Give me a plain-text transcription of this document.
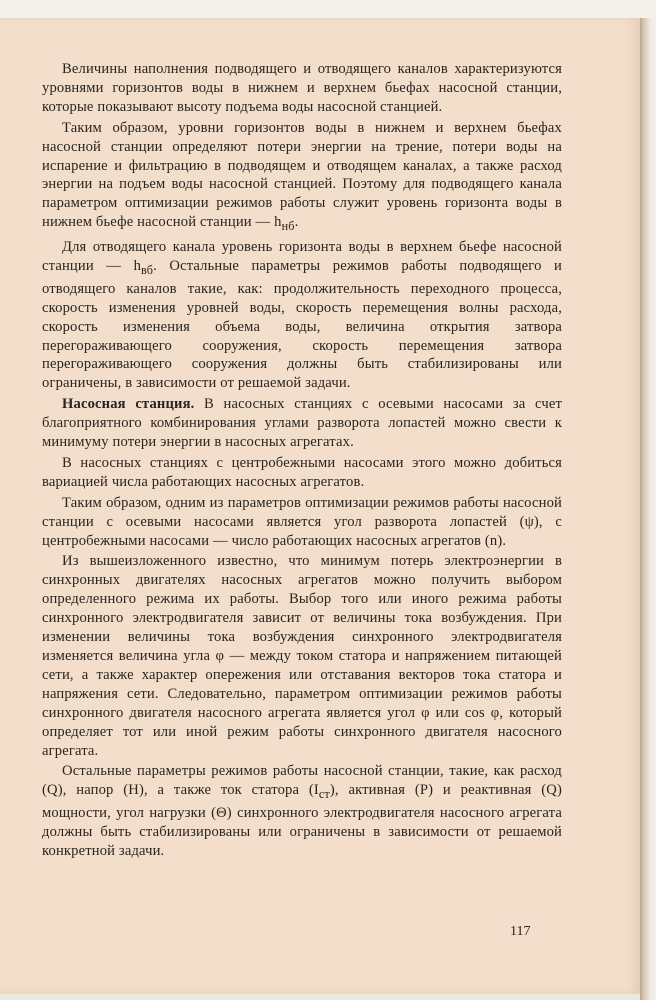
Величины наполнения подводящего и отводящего каналов характеризуются уровнями горизонтов воды в нижнем и верхнем бьефах насосной станции, которые показывают высоту подъема воды насосной станцией.

Таким образом, уровни горизонтов воды в нижнем и верхнем бьефах насосной станции определяют потери энергии на трение, потери воды на испарение и фильтрацию в подводящем и отводящем каналах, а также расход энергии на подъем воды насосной станцией. Поэтому для подводящего канала параметром оптимизации режимов работы служит уровень горизонта воды в нижнем бьефе насосной станции — $h_{нб}$.

Для отводящего канала уровень горизонта воды в верхнем бьефе насосной станции — $h_{вб}$. Остальные параметры режимов работы подводящего и отводящего каналов такие, как: продолжительность переходного процесса, скорость изменения уровней воды, скорость перемещения волны расхода, скорость изменения объема воды, величина открытия затвора перегораживающего сооружения, скорость перемещения затвора перегораживающего сооружения должны быть стабилизированы или ограничены, в зависимости от решаемой задачи.

Насосная станция. В насосных станциях с осевыми насосами за счет благоприятного комбинирования углами разворота лопастей можно свести к минимуму потери энергии в насосных агрегатах.

В насосных станциях с центробежными насосами этого можно добиться вариацией числа работающих насосных агрегатов.

Таким образом, одним из параметров оптимизации режимов работы насосной станции с осевыми насосами является угол разворота лопастей (ψ), с центробежными насосами — число работающих насосных агрегатов (n).

Из вышеизложенного известно, что минимум потерь электроэнергии в синхронных двигателях насосных агрегатов можно получить выбором определенного режима их работы. Выбор того или иного режима работы синхронного электродвигателя зависит от величины тока возбуждения. При изменении величины тока возбуждения синхронного электродвигателя изменяется величина угла φ — между током статора и напряжением питающей сети, а также характер опережения или отставания векторов тока статора и напряжения сети. Следовательно, параметром оптимизации режимов работы синхронного двигателя насосного агрегата является угол φ или cos φ, который определяет тот или иной режим работы синхронного двигателя насосного агрегата.

Остальные параметры режимов работы насосной станции, такие, как расход (Q), напор (H), а также ток статора $(I_{ст})$, активная (P) и реактивная (Q) мощности, угол нагрузки (Θ) синхронного электродвигателя насосного агрегата должны быть стабилизированы или ограничены в зависимости от решаемой конкретной задачи.

117
